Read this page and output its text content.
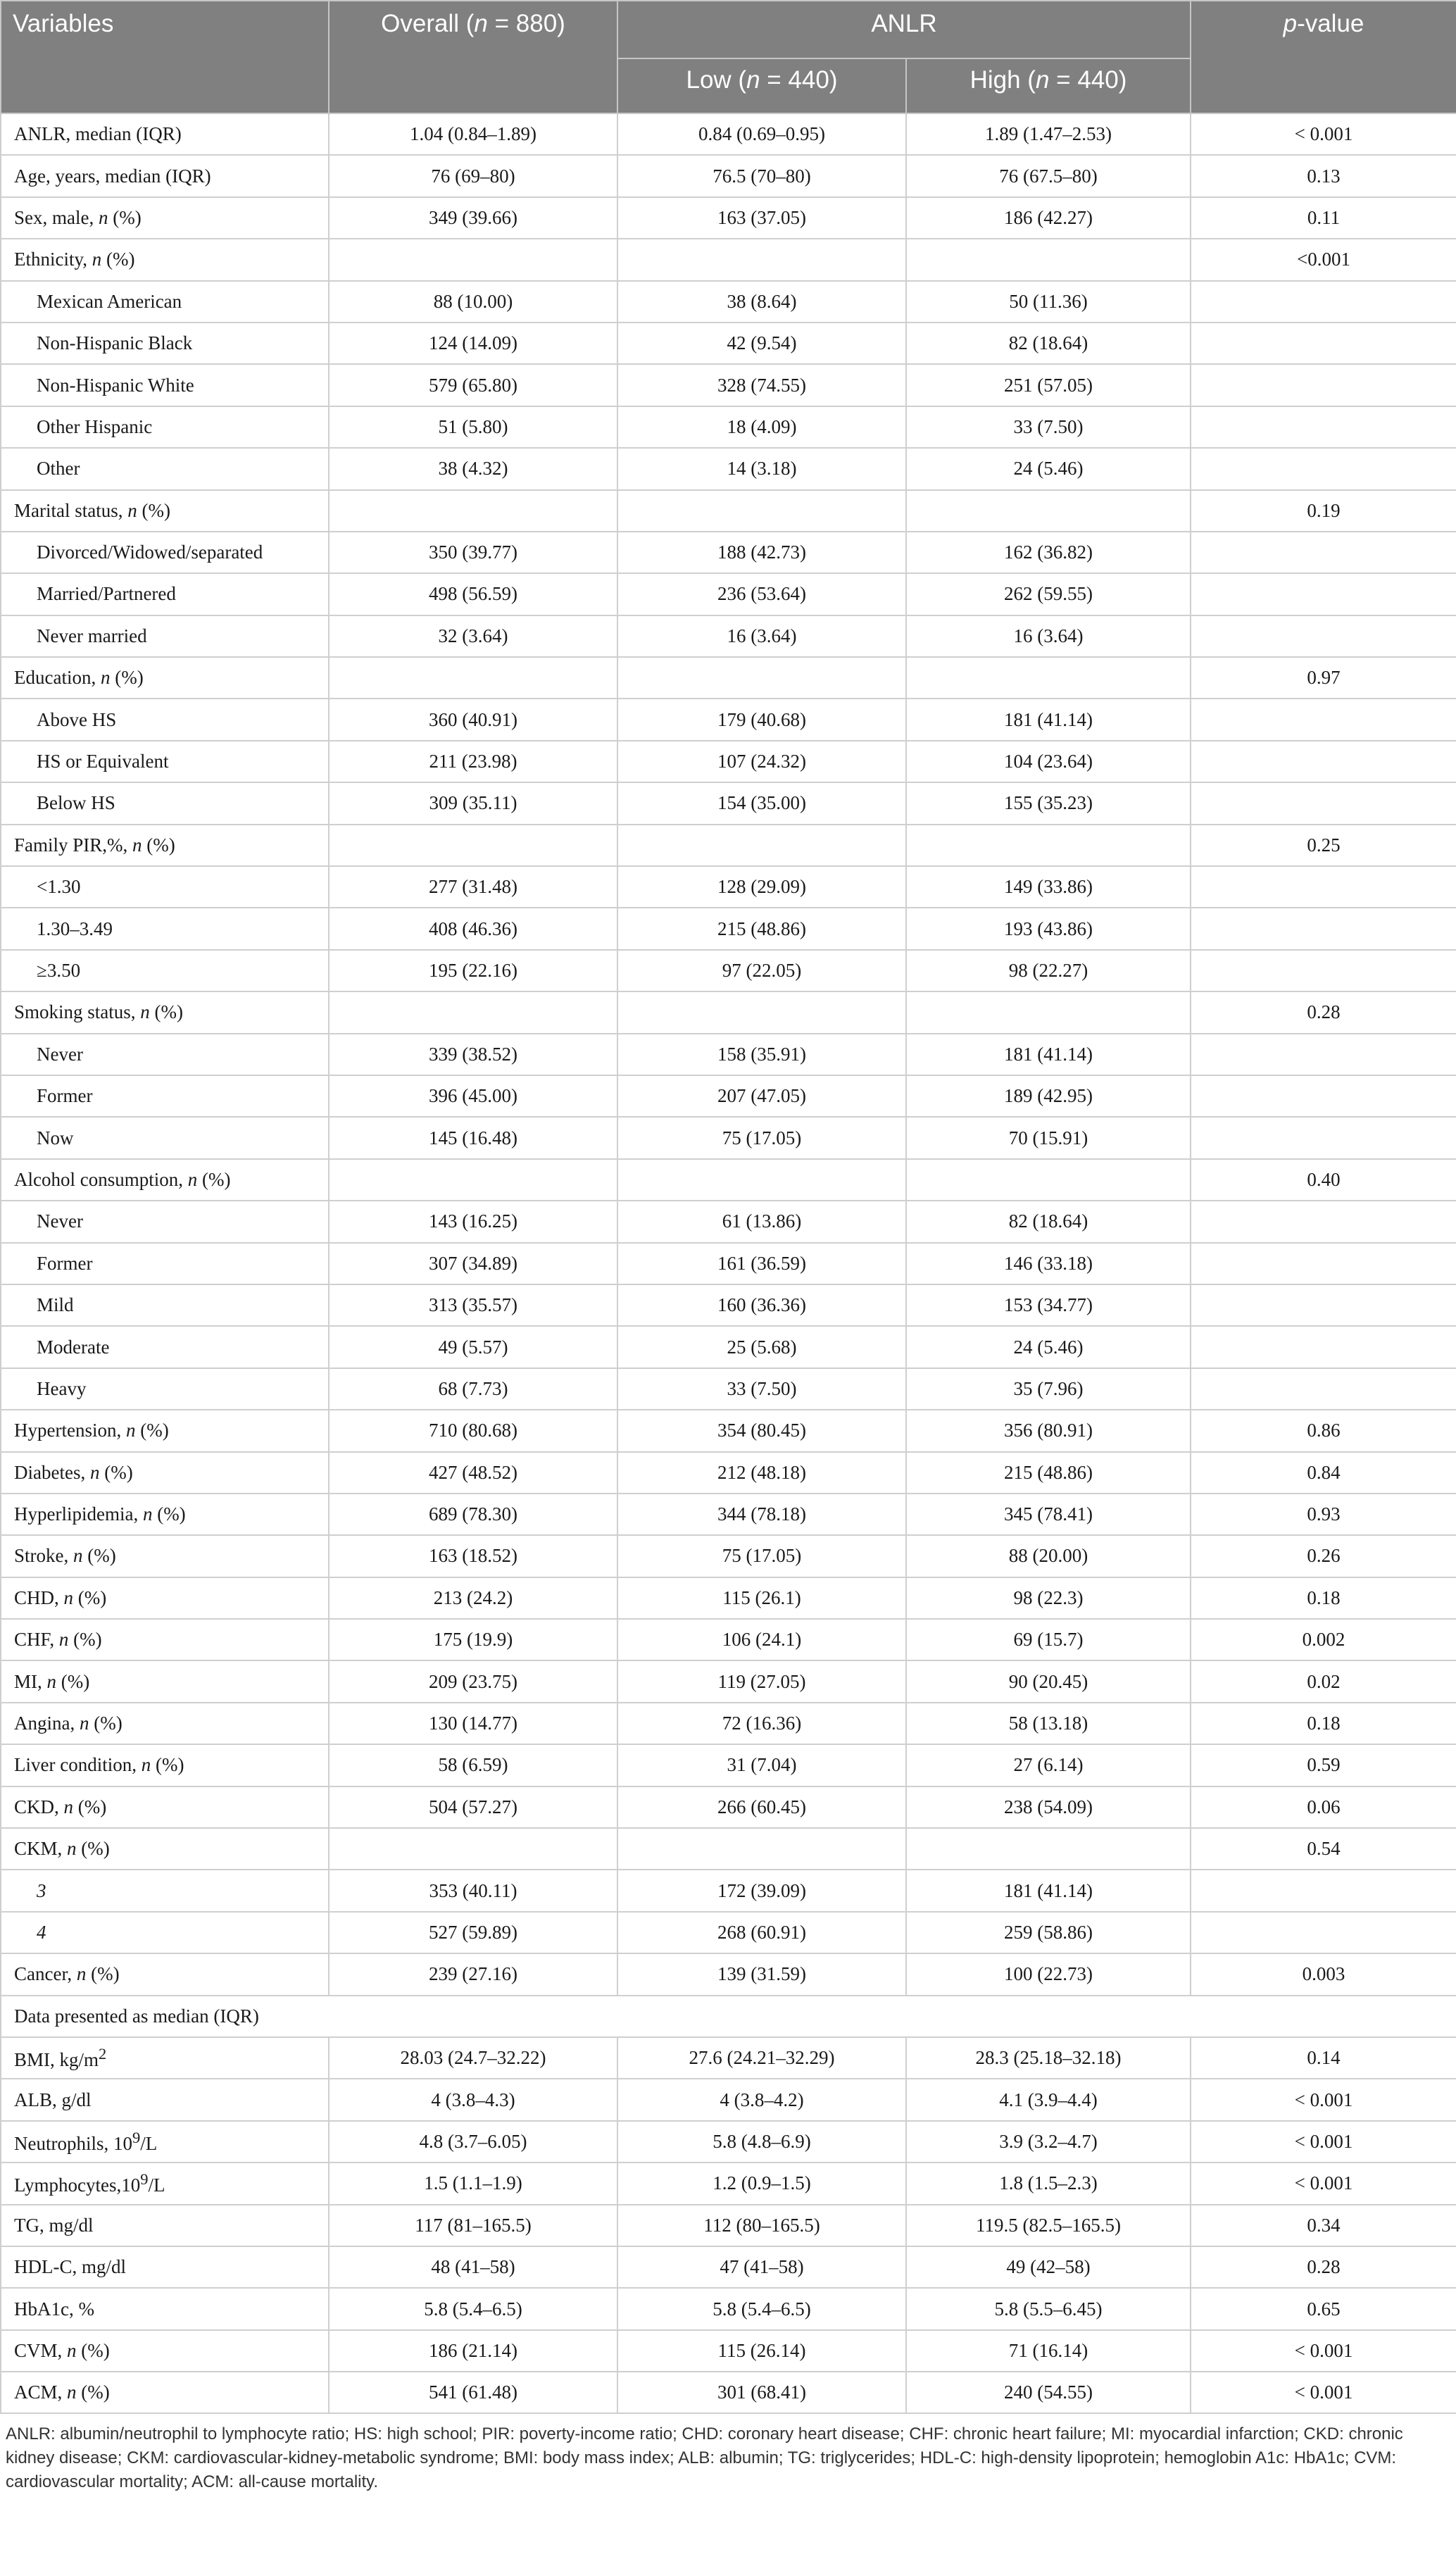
Variables	Overall (n = 880)	ANLR		p-value
		Low (n = 440)	High (n = 440)	
ANLR, median (IQR)	1.04 (0.84–1.89)	0.84 (0.69–0.95)	1.89 (1.47–2.53)	< 0.001
Age, years, median (IQR)	76 (69–80)	76.5 (70–80)	76 (67.5–80)	0.13
Sex, male, n (%)	349 (39.66)	163 (37.05)	186 (42.27)	0.11
Ethnicity, n (%)				<0.001
Mexican American	88 (10.00)	38 (8.64)	50 (11.36)	
Non-Hispanic Black	124 (14.09)	42 (9.54)	82 (18.64)	
Non-Hispanic White	579 (65.80)	328 (74.55)	251 (57.05)	
Other Hispanic	51 (5.80)	18 (4.09)	33 (7.50)	
Other	38 (4.32)	14 (3.18)	24 (5.46)	
Marital status, n (%)				0.19
Divorced/Widowed/separated	350 (39.77)	188 (42.73)	162 (36.82)	
Married/Partnered	498 (56.59)	236 (53.64)	262 (59.55)	
Never married	32 (3.64)	16 (3.64)	16 (3.64)	
Education, n (%)				0.97
Above HS	360 (40.91)	179 (40.68)	181 (41.14)	
HS or Equivalent	211 (23.98)	107 (24.32)	104 (23.64)	
Below HS	309 (35.11)	154 (35.00)	155 (35.23)	
Family PIR,%, n (%)				0.25
<1.30	277 (31.48)	128 (29.09)	149 (33.86)	
1.30–3.49	408 (46.36)	215 (48.86)	193 (43.86)	
≥3.50	195 (22.16)	97 (22.05)	98 (22.27)	
Smoking status, n (%)				0.28
Never	339 (38.52)	158 (35.91)	181 (41.14)	
Former	396 (45.00)	207 (47.05)	189 (42.95)	
Now	145 (16.48)	75 (17.05)	70 (15.91)	
Alcohol consumption, n (%)				0.40
Never	143 (16.25)	61 (13.86)	82 (18.64)	
Former	307 (34.89)	161 (36.59)	146 (33.18)	
Mild	313 (35.57)	160 (36.36)	153 (34.77)	
Moderate	49 (5.57)	25 (5.68)	24 (5.46)	
Heavy	68 (7.73)	33 (7.50)	35 (7.96)	
Hypertension, n (%)	710 (80.68)	354 (80.45)	356 (80.91)	0.86
Diabetes, n (%)	427 (48.52)	212 (48.18)	215 (48.86)	0.84
Hyperlipidemia, n (%)	689 (78.30)	344 (78.18)	345 (78.41)	0.93
Stroke, n (%)	163 (18.52)	75 (17.05)	88 (20.00)	0.26
CHD, n (%)	213 (24.2)	115 (26.1)	98 (22.3)	0.18
CHF, n (%)	175 (19.9)	106 (24.1)	69 (15.7)	0.002
MI, n (%)	209 (23.75)	119 (27.05)	90 (20.45)	0.02
Angina, n (%)	130 (14.77)	72 (16.36)	58 (13.18)	0.18
Liver condition, n (%)	58 (6.59)	31 (7.04)	27 (6.14)	0.59
CKD, n (%)	504 (57.27)	266 (60.45)	238 (54.09)	0.06
CKM, n (%)				0.54
3	353 (40.11)	172 (39.09)	181 (41.14)	
4	527 (59.89)	268 (60.91)	259 (58.86)	
Cancer, n (%)	239 (27.16)	139 (31.59)	100 (22.73)	0.003
Data presented as median (IQR)				
BMI, $kg/m^2$	28.03 (24.7–32.22)	27.6 (24.21–32.29)	28.3 (25.18–32.18)	0.14
ALB, g/dl	4 (3.8–4.3)	4 (3.8–4.2)	4.1 (3.9–4.4)	< 0.001
Neutrophils, $10^9/L$	4.8 (3.7–6.05)	5.8 (4.8–6.9)	3.9 (3.2–4.7)	< 0.001
$Lymphocytes,10^9/L$	1.5 (1.1–1.9)	1.2 (0.9–1.5)	1.8 (1.5–2.3)	< 0.001
TG, mg/dl	117 (81–165.5)	112 (80–165.5)	119.5 (82.5–165.5)	0.34
HDL-C, mg/dl	48 (41–58)	47 (41–58)	49 (42–58)	0.28
HbA1c, %	5.8 (5.4–6.5)	5.8 (5.4–6.5)	5.8 (5.5–6.45)	0.65
CVM, n (%)	186 (21.14)	115 (26.14)	71 (16.14)	< 0.001
ACM, n (%)	541 (61.48)	301 (68.41)	240 (54.55)	< 0.001
ANLR: albumin/neutrophil to lymphocyte ratio; HS: high school; PIR: poverty-income ratio; CHD: coronary heart disease; CHF: chronic heart failure; MI: myocardial infarction; CKD: chronic kidney disease; CKM: cardiovascular-kidney-metabolic syndrome; BMI: body mass index; ALB: albumin; TG: triglycerides; HDL-C: high-density lipoprotein; hemoglobin A1c: HbA1c; CVM: cardiovascular mortality; ACM: all-cause mortality.
